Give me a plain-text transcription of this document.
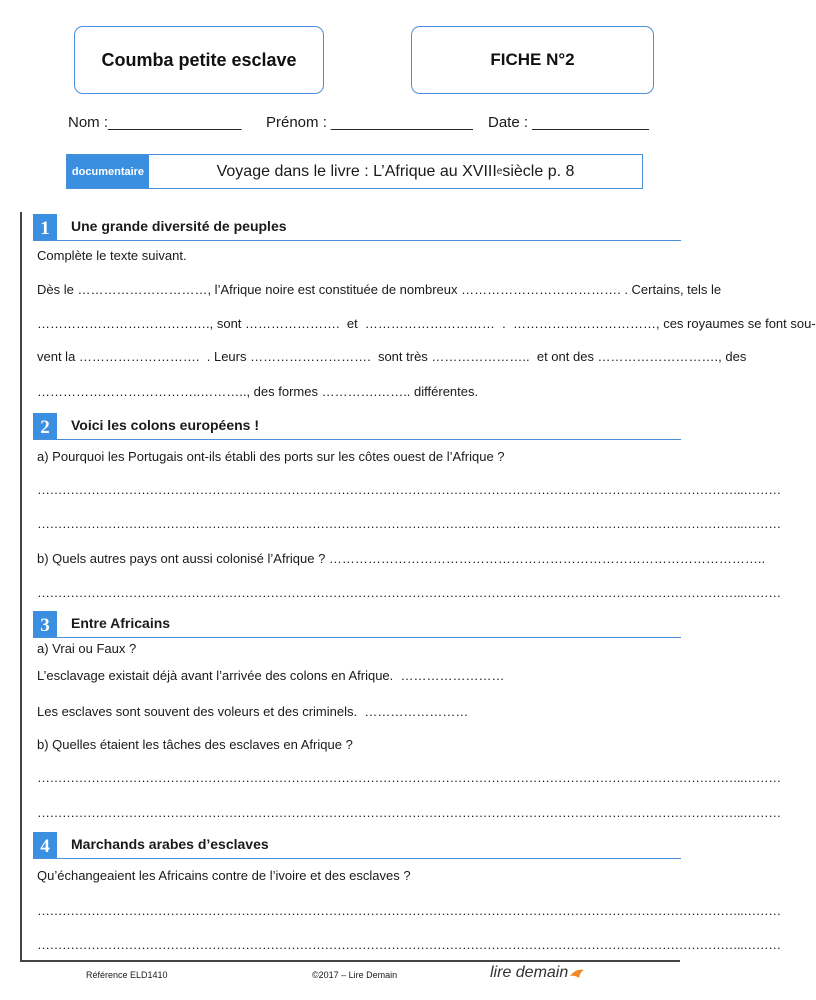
Coumba petite esclave	FICHE N°2
Nom :________________ Prénom : _________________ Date : ______________
documentaire	Voyage dans le livre : L’Afrique au XVIII e siècle p. 8
1	Une grande diversité de peuples
Complète le texte suivant.
Dès le …………………………, l’Afrique noire est constituée de nombreux ………………………………. . Certains, tels le
…………………………………., sont ………………….  et  …………………………  .  ……………………………, ces royaumes se font sou-
vent la ……………………….  . Leurs ……………………….  sont très …………………..  et ont des ………………………., des
………………………………..……….., des formes ………….…….. différentes.
2	Voici les colons européens !
a) Pourquoi les Portugais ont-ils établi des ports sur les côtes ouest de l’Afrique ?
……………………………………………………………………………………………………………………………………………………..………
……………………………………………………………………………………………………………………………………………………..………
b) Quels autres pays ont aussi colonisé l’Afrique ? ………………………………………………………………………………………..
……………………………………………………………………………………………………………………………………………………..………
3	Entre Africains
a) Vrai ou Faux ?
L’esclavage existait déjà avant l’arrivée des colons en Afrique.  ……………………
Les esclaves sont souvent des voleurs et des criminels.  ……………………
b) Quelles étaient les tâches des esclaves en Afrique ?
……………………………………………………………………………………………………………………………………………………..………
……………………………………………………………………………………………………………………………………………………..………
4	Marchands arabes d’esclaves
Qu’échangeaient les Africains contre de l’ivoire et des esclaves ?
……………………………………………………………………………………………………………………………………………………..………
……………………………………………………………………………………………………………………………………………………..………
Référence ELD1410	©2017 – Lire Demain	lire demain
